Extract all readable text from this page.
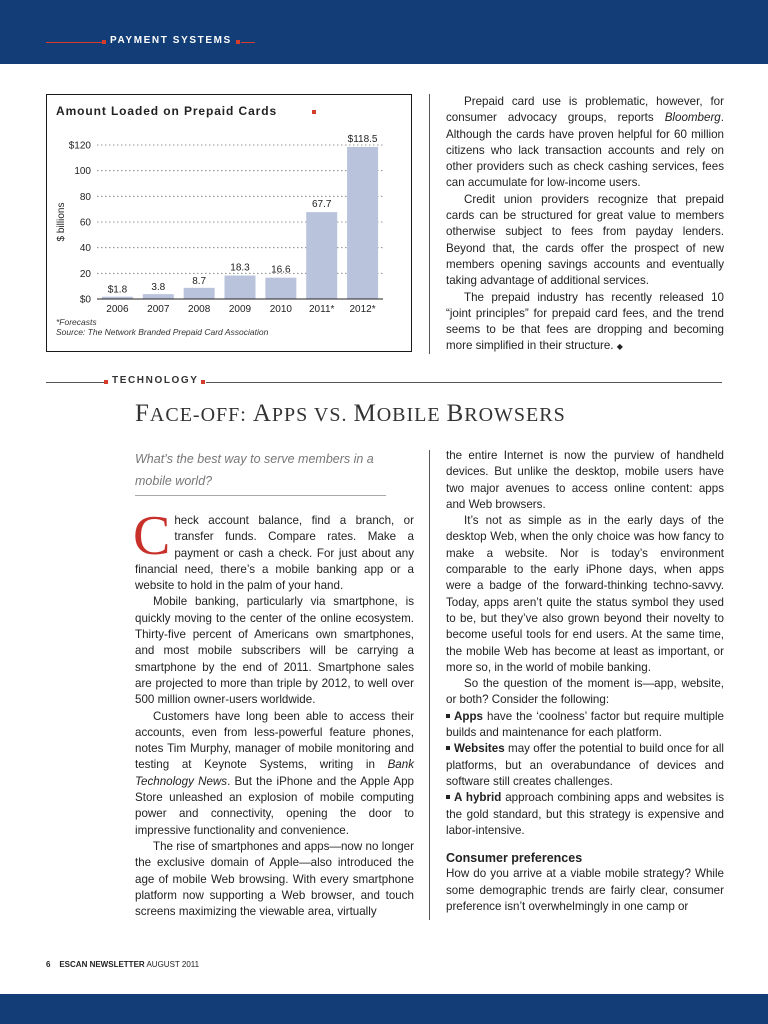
PAYMENT SYSTEMS
$ billions
$0
20
40
60
80
100
$120
$1.8
2006
3.8
2007
8.7
2008
18.3
2009
16.6
2010
67.7
2011*
$118.5
2012*
Amount Loaded on Prepaid Cards
*Forecasts
Source: The Network Branded Prepaid Card Association

Prepaid card use is problematic, however, for consumer advocacy groups, reports Bloomberg. Although the cards have proven helpful for 60 million citizens who lack transaction accounts and rely on other providers such as check cashing services, fees can accumulate for low-income users.

Credit union providers recognize that prepaid cards can be structured for great value to members otherwise subject to fees from payday lenders. Beyond that, the cards offer the prospect of new members opening savings accounts and eventually taking advantage of additional services.

The prepaid industry has recently released 10 “joint principles” for prepaid card fees, and the trend seems to be that fees are dropping and becoming more simplified in their structure. ◆

TECHNOLOGY
FACE-OFF: APPS VS. MOBILE BROWSERS
What’s the best way to serve members in a mobile world?

Check account balance, find a branch, or transfer funds. Compare rates. Make a payment or cash a check. For just about any financial need, there’s a mobile banking app or a website to hold in the palm of your hand.

Mobile banking, particularly via smartphone, is quickly moving to the center of the online ecosystem. Thirty-five percent of Americans own smartphones, and most mobile subscribers will be carrying a smartphone by the end of 2011. Smartphone sales are projected to more than triple by 2012, to well over 500 million owner-users worldwide.

Customers have long been able to access their accounts, even from less-powerful feature phones, notes Tim Murphy, manager of mobile monitoring and testing at Keynote Systems, writing in Bank Technology News. But the iPhone and the Apple App Store unleashed an explosion of mobile computing power and connectivity, opening the door to impressive functionality and convenience.

The rise of smartphones and apps—now no longer the exclusive domain of Apple—also introduced the age of mobile Web browsing. With every smartphone platform now supporting a Web browser, and touch screens maximizing the viewable area, virtually

the entire Internet is now the purview of handheld devices. But unlike the desktop, mobile users have two major avenues to access online content: apps and Web browsers.

It’s not as simple as in the early days of the desktop Web, when the only choice was how fancy to make a website. Nor is today’s environment comparable to the early iPhone days, when apps were a badge of the forward-thinking techno-savvy. Today, apps aren’t quite the status symbol they used to be, but they’ve also grown beyond their novelty to become useful tools for end users. At the same time, the mobile Web has become at least as important, or more so, in the world of mobile banking.

So the question of the moment is—app, website, or both? Consider the following:

Apps have the ‘coolness’ factor but require multiple builds and maintenance for each platform.

Websites may offer the potential to build once for all platforms, but an overabundance of devices and software still creates challenges.

A hybrid approach combining apps and websites is the gold standard, but this strategy is expensive and labor-intensive.

Consumer preferences

How do you arrive at a viable mobile strategy? While some demographic trends are fairly clear, consumer preference isn’t overwhelmingly in one camp or

6 ESCAN NEWSLETTER AUGUST 2011
